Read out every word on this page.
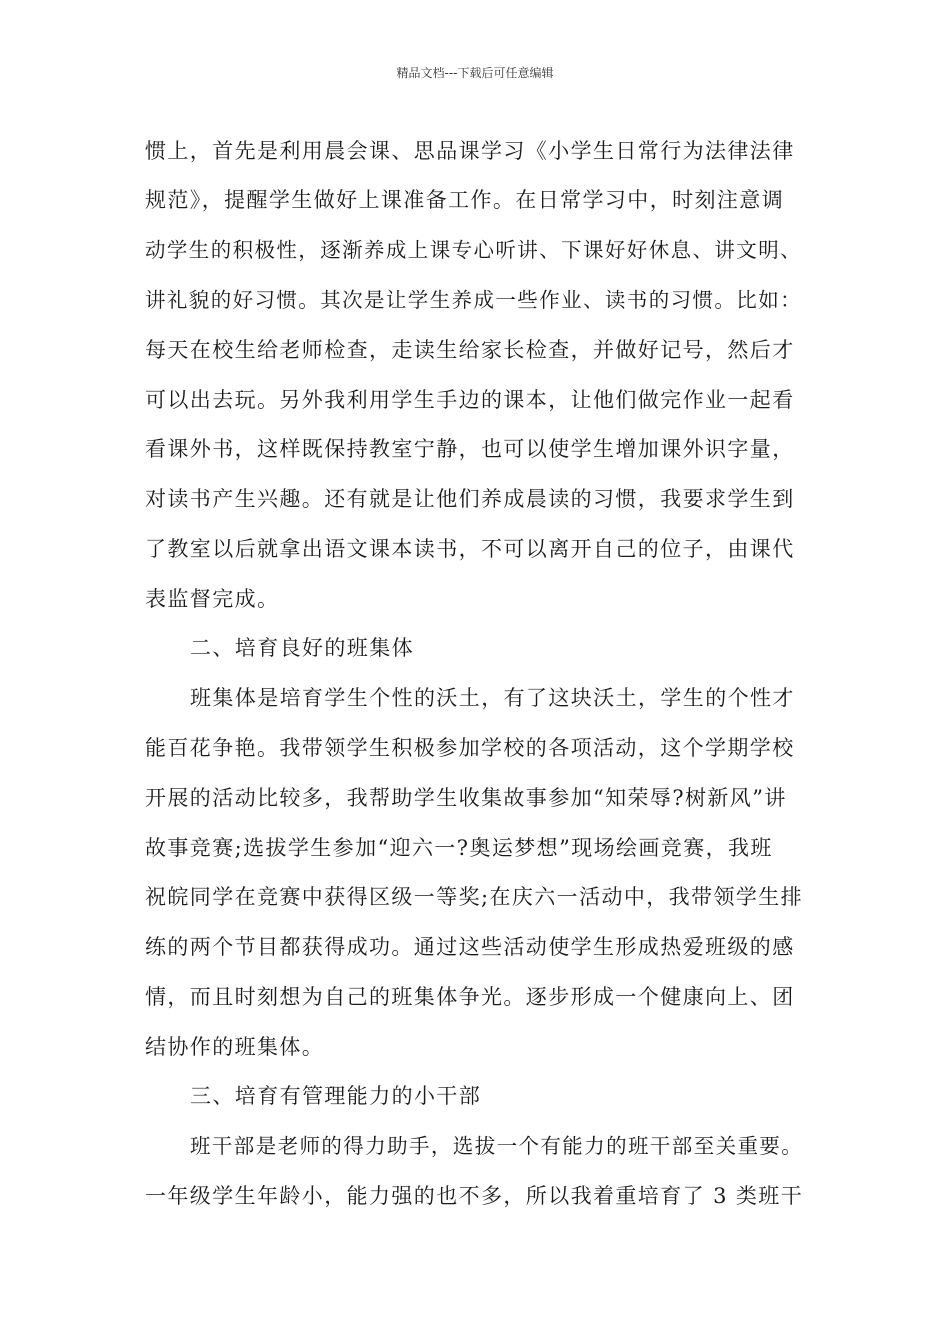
精品文档---下载后可任意编辑
惯上，首先是利用晨会课、思品课学习《小学生日常行为法律法律
规范》，提醒学生做好上课准备工作。在日常学习中，时刻注意调
动学生的积极性，逐渐养成上课专心听讲、下课好好休息、讲文明、
讲礼貌的好习惯。其次是让学生养成一些作业、读书的习惯。比如：
每天在校生给老师检查，走读生给家长检查，并做好记号，然后才
可以出去玩。另外我利用学生手边的课本，让他们做完作业一起看
看课外书，这样既保持教室宁静，也可以使学生增加课外识字量，
对读书产生兴趣。还有就是让他们养成晨读的习惯，我要求学生到
了教室以后就拿出语文课本读书，不可以离开自己的位子，由课代
表监督完成。
二、培育良好的班集体
班集体是培育学生个性的沃土，有了这块沃土，学生的个性才
能百花争艳。我带领学生积极参加学校的各项活动，这个学期学校
开展的活动比较多，我帮助学生收集故事参加“知荣辱?树新风”讲
故事竞赛;选拔学生参加“迎六一?奥运梦想”现场绘画竞赛，我班
祝皖同学在竞赛中获得区级一等奖;在庆六一活动中，我带领学生排
练的两个节目都获得成功。通过这些活动使学生形成热爱班级的感
情，而且时刻想为自己的班集体争光。逐步形成一个健康向上、团
结协作的班集体。
三、培育有管理能力的小干部
班干部是老师的得力助手，选拔一个有能力的班干部至关重要。
一年级学生年龄小，能力强的也不多，所以我着重培育了 3 类班干
